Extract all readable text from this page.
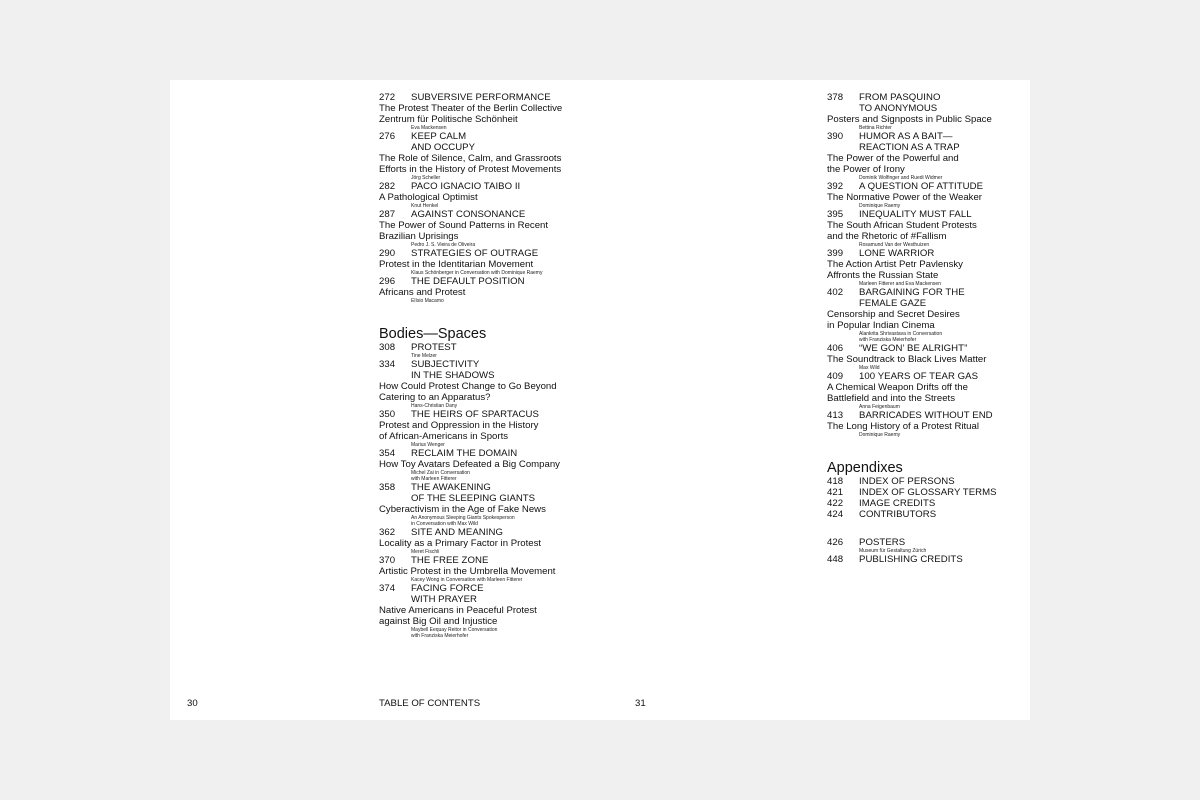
272	SUBVERSIVE PERFORMANCE
The Protest Theater of the Berlin Collective
Zentrum für Politische Schönheit
Eva Mackensen
276	KEEP CALM
AND OCCUPY
The Role of Silence, Calm, and Grassroots
Efforts in the History of Protest Movements
Jörg Scheller
282	PACO IGNACIO TAIBO II
A Pathological Optimist
Knut Henkel
287	AGAINST CONSONANCE
The Power of Sound Patterns in Recent
Brazilian Uprisings
Pedro J. S. Vieira de Oliveira
290	STRATEGIES OF OUTRAGE
Protest in the Identitarian Movement
Klaus Schönberger in Conversation with Dominique Raemy
296	THE DEFAULT POSITION
Africans and Protest
Elísio Macamo
Bodies—Spaces
308	PROTEST
Tine Melzer
334	SUBJECTIVITY
IN THE SHADOWS
How Could Protest Change to Go Beyond
Catering to an Apparatus?
Hans-Christian Dany
350	THE HEIRS OF SPARTACUS
Protest and Oppression in the History
of African-Americans in Sports
Marius Wenger
354	RECLAIM THE DOMAIN
How Toy Avatars Defeated a Big Company
Michel Zai in Conversation
with Marleen Fitterer
358	THE AWAKENING
OF THE SLEEPING GIANTS
Cyberactivism in the Age of Fake News
An Anonymous Sleeping Giants Spokesperson
in Conversation with Max Wild
362	SITE AND MEANING
Locality as a Primary Factor in Protest
Meret Fischli
370	THE FREE ZONE
Artistic Protest in the Umbrella Movement
Kacey Wong in Conversation with Marleen Fitterer
374	FACING FORCE
WITH PRAYER
Native Americans in Peaceful Protest
against Big Oil and Injustice
Maybell Eequay Reitor in Conversation
with Franziska Meierhofer
378	FROM PASQUINO
TO ANONYMOUS
Posters and Signposts in Public Space
Bettina Richter
390	HUMOR AS A BAIT—
REACTION AS A TRAP
The Power of the Powerful and
the Power of Irony
Dominik Wolfinger and Ruedi Widmer
392	A QUESTION OF ATTITUDE
The Normative Power of the Weaker
Dominique Raemy
395	INEQUALITY MUST FALL
The South African Student Protests
and the Rhetoric of #Fallism
Rosamund Van der Westhuizen
399	LONE WARRIOR
The Action Artist Petr Pavlensky
Affronts the Russian State
Marleen Fitterer and Eva Mackensen
402	BARGAINING FOR THE
FEMALE GAZE
Censorship and Secret Desires
in Popular Indian Cinema
Alankrita Shrivastava in Conversation
with Franziska Meierhofer
406	“WE GON’ BE ALRIGHT”
The Soundtrack to Black Lives Matter
Max Wild
409	100 YEARS OF TEAR GAS
A Chemical Weapon Drifts off the
Battlefield and into the Streets
Anna Feigenbaum
413	BARRICADES WITHOUT END
The Long History of a Protest Ritual
Dominique Raemy
Appendixes
418	INDEX OF PERSONS
421	INDEX OF GLOSSARY TERMS
422	IMAGE CREDITS
424	CONTRIBUTORS
426	POSTERS
Museum für Gestaltung Zürich
448	PUBLISHING CREDITS
30	TABLE OF CONTENTS	31
